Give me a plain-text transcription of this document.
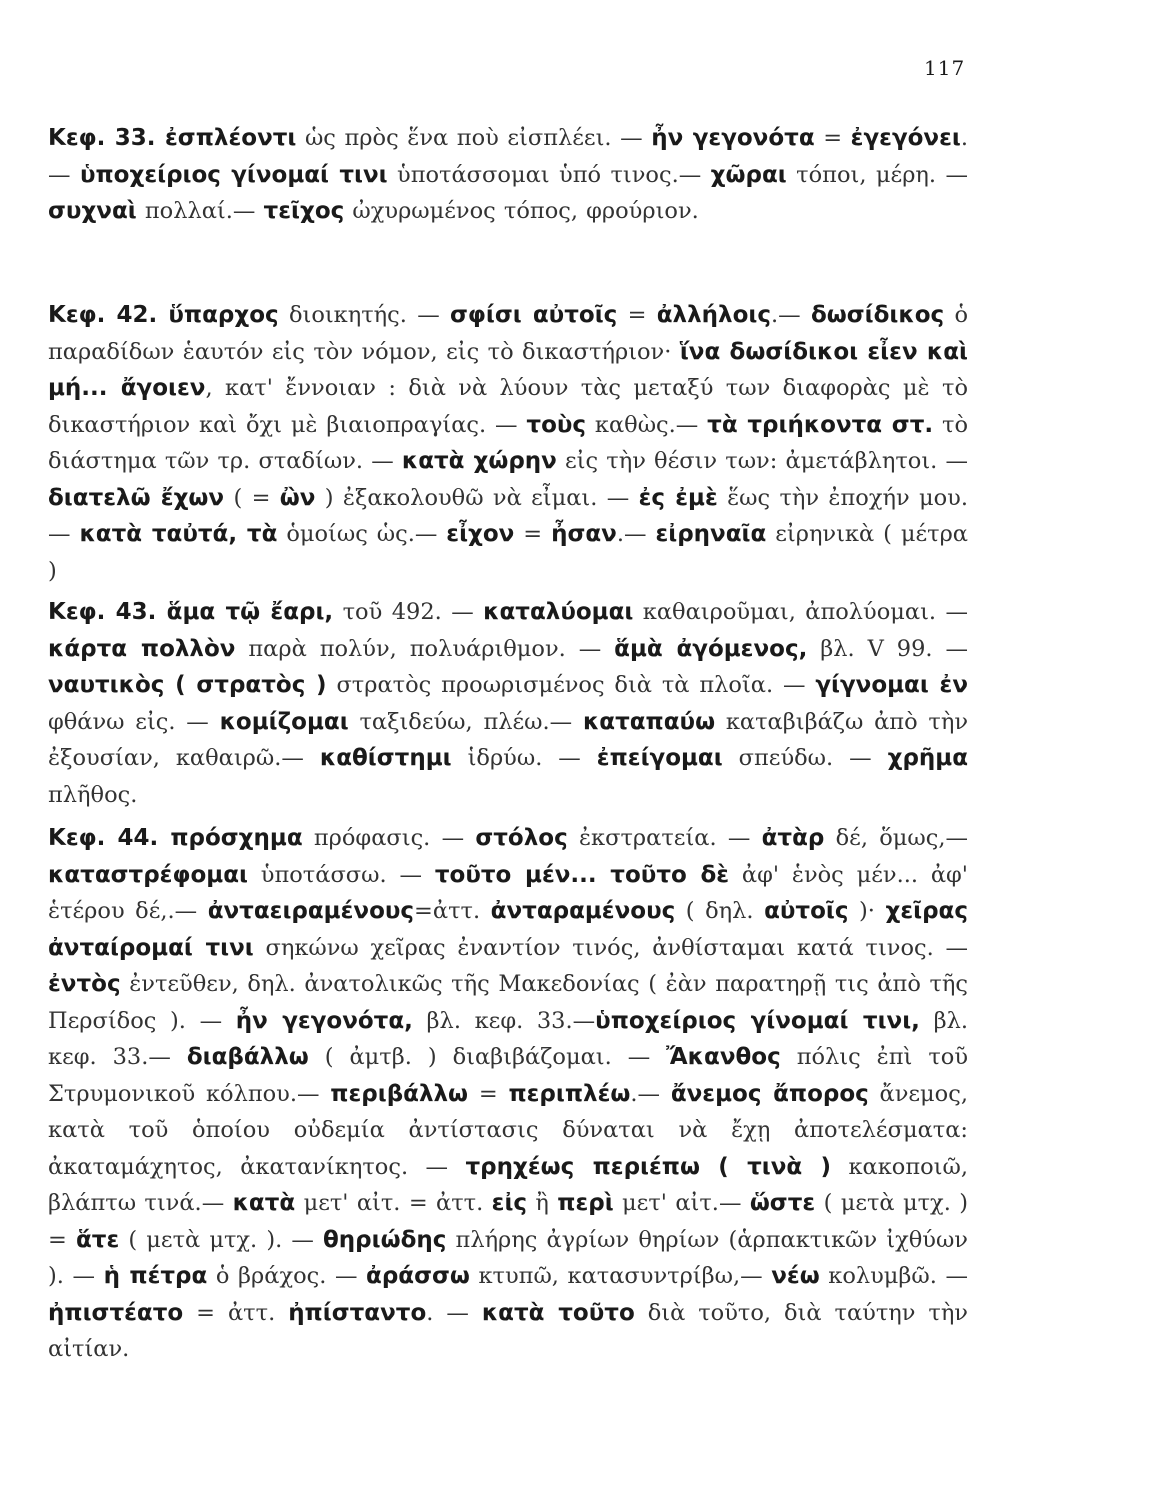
117

Κεφ. 33. ἐσπλέοντι ὡς πρὸς ἕνα ποὺ εἰσπλέει. — ἦν γεγονότα = ἐγεγόνει. — ὑποχείριος γίνομαί τινι ὑποτάσσομαι ὑπό τινος.— χῶραι τόποι, μέρη. — συχναὶ πολλαί.— τεῖχος ὠχυρωμένος τόπος, φρούριον.

Κεφ. 42. ὕπαρχος διοικητής. — σφίσι αὐτοῖς = ἀλλήλοις.— δωσίδικος ὁ παραδίδων ἑαυτόν εἰς τὸν νόμον, εἰς τὸ δικαστήριον· ἵνα δωσίδικοι εἶεν καὶ μή... ἄγοιεν, κατ' ἔννοιαν : διὰ νὰ λύουν τὰς μεταξύ των διαφορὰς μὲ τὸ δικαστήριον καὶ ὄχι μὲ βιαιοπραγίας. — τοὺς καθὼς.— τὰ τριήκοντα στ. τὸ διάστημα τῶν τρ. σταδίων. — κατὰ χώρην εἰς τὴν θέσιν των: ἀμετάβλητοι. — διατελῶ ἔχων ( = ὢν ) ἐξακολουθῶ νὰ εἶμαι. — ἐς ἐμὲ ἕως τὴν ἐποχήν μου. — κατὰ ταὐτά, τὰ ὁμοίως ὡς.— εἶχον = ἦσαν.— εἰρηναῖα εἰρηνικὰ ( μέτρα )

Κεφ. 43. ἅμα τῷ ἔαρι, τοῦ 492. — καταλύομαι καθαιροῦμαι, ἀπολύομαι. — κάρτα πολλὸν παρὰ πολύν, πολυάριθμον. — ἅμὰ ἀγόμενος, βλ. V 99. — ναυτικὸς ( στρατὸς ) στρατὸς προωρισμένος διὰ τὰ πλοῖα. — γίγνομαι ἐν φθάνω εἰς. — κομίζομαι ταξιδεύω, πλέω.— καταπαύω καταβιβάζω ἀπὸ τὴν ἐξουσίαν, καθαιρῶ.— καθίστημι ἱδρύω. — ἐπείγομαι σπεύδω. — χρῆμα πλῆθος.

Κεφ. 44. πρόσχημα πρόφασις. — στόλος ἐκστρατεία. — ἀτὰρ δέ, ὅμως,— καταστρέφομαι ὑποτάσσω. — τοῦτο μέν... τοῦτο δὲ ἀφ' ἑνὸς μέν... ἀφ' ἑτέρου δέ,.— ἀνταειραμένους=ἀττ. ἀνταραμένους ( δηλ. αὐτοῖς )· χεῖρας ἀνταίρομαί τινι σηκώνω χεῖρας ἐναντίον τινός, ἀνθίσταμαι κατά τινος. — ἐντὸς ἐντεῦθεν, δηλ. ἀνατολικῶς τῆς Μακεδονίας ( ἐὰν παρατηρῇ τις ἀπὸ τῆς Περσίδος ). — ἦν γεγονότα, βλ. κεφ. 33.—ὑποχείριος γίνομαί τινι, βλ. κεφ. 33.— διαβάλλω ( ἀμτβ. ) διαβιβάζομαι. — Ἄκανθος πόλις ἐπὶ τοῦ Στρυμονικοῦ κόλπου.— περιβάλλω = περιπλέω.— ἄνεμος ἄπορος ἄνεμος, κατὰ τοῦ ὁποίου οὐδεμία ἀντίστασις δύναται νὰ ἔχῃ ἀποτελέσματα: ἀκαταμάχητος, ἀκατανίκητος. — τρηχέως περιέπω ( τινὰ ) κακοποιῶ, βλάπτω τινά.— κατὰ μετ' αἰτ. = ἀττ. εἰς ἢ περὶ μετ' αἰτ.— ὥστε ( μετὰ μτχ. ) = ἅτε ( μετὰ μτχ. ). — θηριώδης πλήρης ἀγρίων θηρίων (ἁρπακτικῶν ἰχθύων ). — ἡ πέτρα ὁ βράχος. — ἀράσσω κτυπῶ, κατασυντρίβω,— νέω κολυμβῶ. — ἠπιστέατο = ἀττ. ἠπίσταντο. — κατὰ τοῦτο διὰ τοῦτο, διὰ ταύτην τὴν αἰτίαν.
